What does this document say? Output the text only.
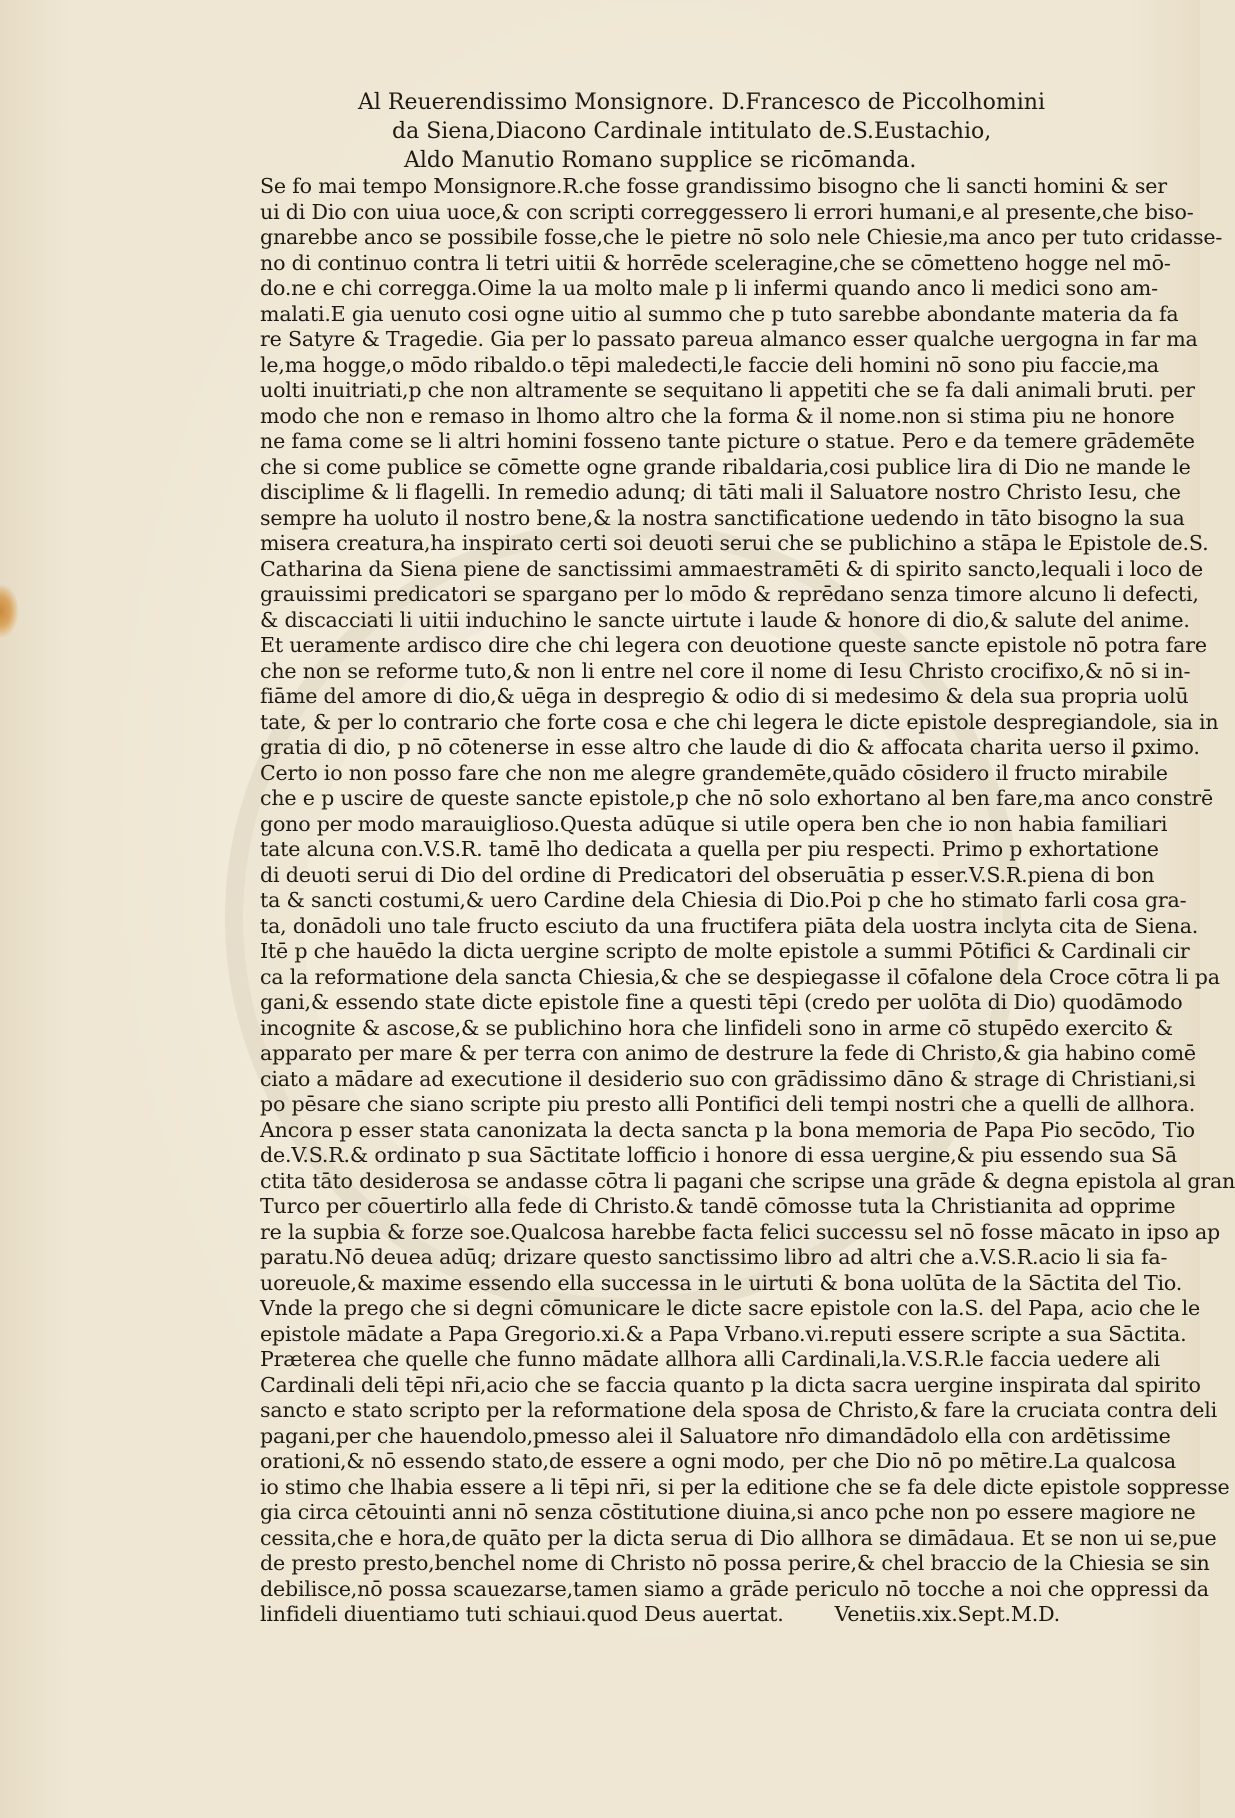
Al Reuerendissimo Monsignore. D.Francesco de Piccolhomini
da Siena,Diacono Cardinale intitulato de.S.Eustachio,
Aldo Manutio Romano supplice se ricōmanda.
Se fo mai tempo Monsignore.R.che fosse grandissimo bisogno che li sancti homini & ser
ui di Dio con uiua uoce,& con scripti correggessero li errori humani,e al presente,che biso-
gnarebbe anco se possibile fosse,che le pietre nō solo nele Chiesie,ma anco per tuto cridasse-
no di continuo contra li tetri uitii & horrēde sceleragine,che se cōmetteno hogge nel mō-
do.ne e chi corregga.Oime la ua molto male p li infermi quando anco li medici sono am-
malati.E gia uenuto cosi ogne uitio al summo che p tuto sarebbe abondante materia da fa
re Satyre & Tragedie. Gia per lo passato pareua almanco esser qualche uergogna in far ma
le,ma hogge,o mōdo ribaldo.o tēpi maledecti,le faccie deli homini nō sono piu faccie,ma
uolti inuitriati,p che non altramente se sequitano li appetiti che se fa dali animali bruti. per
modo che non e remaso in lhomo altro che la forma & il nome.non si stima piu ne honore
ne fama come se li altri homini fosseno tante picture o statue. Pero e da temere grādemēte
che si come publice se cōmette ogne grande ribaldaria,cosi publice lira di Dio ne mande le
disciplime & li flagelli. In remedio adunq; di tāti mali il Saluatore nostro Christo Iesu, che
sempre ha uoluto il nostro bene,& la nostra sanctificatione uedendo in tāto bisogno la sua
misera creatura,ha inspirato certi soi deuoti serui che se publichino a stāpa le Epistole de.S.
Catharina da Siena piene de sanctissimi ammaestramēti & di spirito sancto,lequali i loco de
grauissimi predicatori se spargano per lo mōdo & reprēdano senza timore alcuno li defecti,
& discacciati li uitii induchino le sancte uirtute i laude & honore di dio,& salute del anime.
Et ueramente ardisco dire che chi legera con deuotione queste sancte epistole nō potra fare
che non se reforme tuto,& non li entre nel core il nome di Iesu Christo crocifixo,& nō si in-
fiāme del amore di dio,& uēga in despregio & odio di si medesimo & dela sua propria uolū
tate, & per lo contrario che forte cosa e che chi legera le dicte epistole despregiandole, sia in
gratia di dio, p nō cōtenerse in esse altro che laude di dio & affocata charita uerso il ꝑximo.
Certo io non posso fare che non me alegre grandemēte,quādo cōsidero il fructo mirabile
che e p uscire de queste sancte epistole,p che nō solo exhortano al ben fare,ma anco constrē
gono per modo marauiglioso.Questa adūque si utile opera ben che io non habia familiari
tate alcuna con.V.S.R. tamē lho dedicata a quella per piu respecti. Primo p exhortatione
di deuoti serui di Dio del ordine di Predicatori del obseruātia p esser.V.S.R.piena di bon
ta & sancti costumi,& uero Cardine dela Chiesia di Dio.Poi p che ho stimato farli cosa gra-
ta, donādoli uno tale fructo esciuto da una fructifera piāta dela uostra inclyta cita de Siena.
Itē p che hauēdo la dicta uergine scripto de molte epistole a summi Pōtifici & Cardinali cir
ca la reformatione dela sancta Chiesia,& che se despiegasse il cōfalone dela Croce cōtra li pa
gani,& essendo state dicte epistole fine a questi tēpi (credo per uolōta di Dio) quodāmodo
incognite & ascose,& se publichino hora che linfideli sono in arme cō stupēdo exercito &
apparato per mare & per terra con animo de destrure la fede di Christo,& gia habino comē
ciato a mādare ad executione il desiderio suo con grādissimo dāno & strage di Christiani,si
po pēsare che siano scripte piu presto alli Pontifici deli tempi nostri che a quelli de allhora.
Ancora p esser stata canonizata la decta sancta p la bona memoria de Papa Pio secōdo, Tio
de.V.S.R.& ordinato p sua Sāctitate lofficio i honore di essa uergine,& piu essendo sua Sā
ctita tāto desiderosa se andasse cōtra li pagani che scripse una grāde & degna epistola al gran
Turco per cōuertirlo alla fede di Christo.& tandē cōmosse tuta la Christianita ad opprime
re la supbia & forze soe.Qualcosa harebbe facta felici successu sel nō fosse mācato in ipso ap
paratu.Nō deuea adūq; drizare questo sanctissimo libro ad altri che a.V.S.R.acio li sia fa-
uoreuole,& maxime essendo ella successa in le uirtuti & bona uolūta de la Sāctita del Tio.
Vnde la prego che si degni cōmunicare le dicte sacre epistole con la.S. del Papa, acio che le
epistole mādate a Papa Gregorio.xi.& a Papa Vrbano.vi.reputi essere scripte a sua Sāctita.
Præterea che quelle che funno mādate allhora alli Cardinali,la.V.S.R.le faccia uedere ali
Cardinali deli tēpi nr̄i,acio che se faccia quanto p la dicta sacra uergine inspirata dal spirito
sancto e stato scripto per la reformatione dela sposa de Christo,& fare la cruciata contra deli
pagani,per che hauendolo,pmesso alei il Saluatore nr̄o dimandādolo ella con ardētissime
orationi,& nō essendo stato,de essere a ogni modo, per che Dio nō po mētire.La qualcosa
io stimo che lhabia essere a li tēpi nr̄i, si per la editione che se fa dele dicte epistole soppresse
gia circa cētouinti anni nō senza cōstitutione diuina,si anco pche non po essere magiore ne
cessita,che e hora,de quāto per la dicta serua di Dio allhora se dimādaua. Et se non ui se,pue
de presto presto,benchel nome di Christo nō possa perire,& chel braccio de la Chiesia se sin
debilisce,nō possa scauezarse,tamen siamo a grāde periculo nō tocche a noi che oppressi da
linfideli diuentiamo tuti schiaui.quod Deus auertat. Venetiis.xix.Sept.M.D.
